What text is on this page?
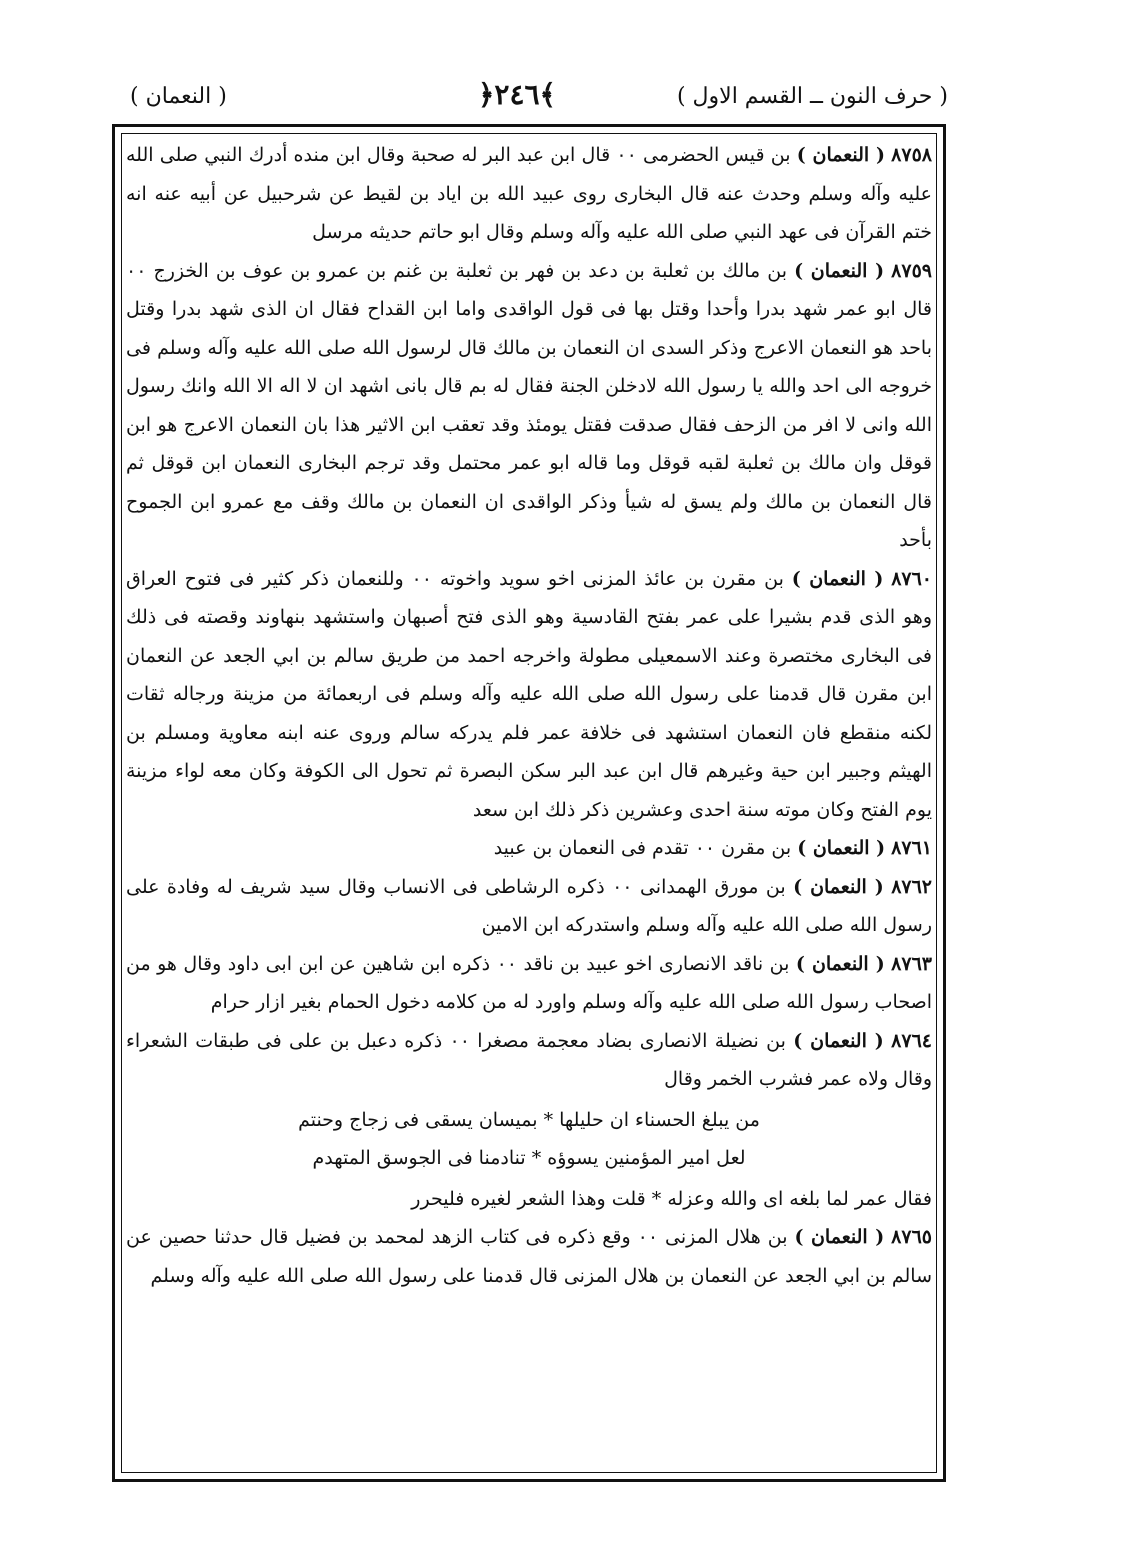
( حرف النون ــ القسم الاول )
﴿٢٤٦﴾
( النعمان )

٨٧٥٨ ( النعمان ) بن قيس الحضرمى ٠٠ قال ابن عبد البر له صحبة وقال ابن منده أدرك النبي صلى الله عليه وآله وسلم وحدث عنه قال البخارى روى عبيد الله بن اياد بن لقيط عن شرحبيل عن أبيه عنه انه ختم القرآن فى عهد النبي صلى الله عليه وآله وسلم وقال ابو حاتم حديثه مرسل

٨٧٥٩ ( النعمان ) بن مالك بن ثعلبة بن دعد بن فهر بن ثعلبة بن غنم بن عمرو بن عوف بن الخزرج ٠٠ قال ابو عمر شهد بدرا وأحدا وقتل بها فى قول الواقدى واما ابن القداح فقال ان الذى شهد بدرا وقتل باحد هو النعمان الاعرج وذكر السدى ان النعمان بن مالك قال لرسول الله صلى الله عليه وآله وسلم فى خروجه الى احد والله يا رسول الله لادخلن الجنة فقال له بم قال بانى اشهد ان لا اله الا الله وانك رسول الله وانى لا افر من الزحف فقال صدقت فقتل يومئذ وقد تعقب ابن الاثير هذا بان النعمان الاعرج هو ابن قوقل وان مالك بن ثعلبة لقبه قوقل وما قاله ابو عمر محتمل وقد ترجم البخارى النعمان ابن قوقل ثم قال النعمان بن مالك ولم يسق له شيأ وذكر الواقدى ان النعمان بن مالك وقف مع عمرو ابن الجموح بأحد

٨٧٦٠ ( النعمان ) بن مقرن بن عائذ المزنى اخو سويد واخوته ٠٠ وللنعمان ذكر كثير فى فتوح العراق وهو الذى قدم بشيرا على عمر بفتح القادسية وهو الذى فتح أصبهان واستشهد بنهاوند وقصته فى ذلك فى البخارى مختصرة وعند الاسمعيلى مطولة واخرجه احمد من طريق سالم بن ابي الجعد عن النعمان ابن مقرن قال قدمنا على رسول الله صلى الله عليه وآله وسلم فى اربعمائة من مزينة ورجاله ثقات لكنه منقطع فان النعمان استشهد فى خلافة عمر فلم يدركه سالم وروى عنه ابنه معاوية ومسلم بن الهيثم وجبير ابن حية وغيرهم قال ابن عبد البر سكن البصرة ثم تحول الى الكوفة وكان معه لواء مزينة يوم الفتح وكان موته سنة احدى وعشرين ذكر ذلك ابن سعد

٨٧٦١ ( النعمان ) بن مقرن ٠٠ تقدم فى النعمان بن عبيد

٨٧٦٢ ( النعمان ) بن مورق الهمدانى ٠٠ ذكره الرشاطى فى الانساب وقال سيد شريف له وفادة على رسول الله صلى الله عليه وآله وسلم واستدركه ابن الامين

٨٧٦٣ ( النعمان ) بن ناقد الانصارى اخو عبيد بن ناقد ٠٠ ذكره ابن شاهين عن ابن ابى داود وقال هو من اصحاب رسول الله صلى الله عليه وآله وسلم واورد له من كلامه دخول الحمام بغير ازار حرام

٨٧٦٤ ( النعمان ) بن نضيلة الانصارى بضاد معجمة مصغرا ٠٠ ذكره دعبل بن على فى طبقات الشعراء وقال ولاه عمر فشرب الخمر وقال

من يبلغ الحسناء ان حليلها * بميسان يسقى فى زجاج وحنتم

لعل امير المؤمنين يسوؤه * تنادمنا فى الجوسق المتهدم

فقال عمر لما بلغه اى والله وعزله * قلت وهذا الشعر لغيره فليحرر

٨٧٦٥ ( النعمان ) بن هلال المزنى ٠٠ وقع ذكره فى كتاب الزهد لمحمد بن فضيل قال حدثنا حصين عن سالم بن ابي الجعد عن النعمان بن هلال المزنى قال قدمنا على رسول الله صلى الله عليه وآله وسلم
